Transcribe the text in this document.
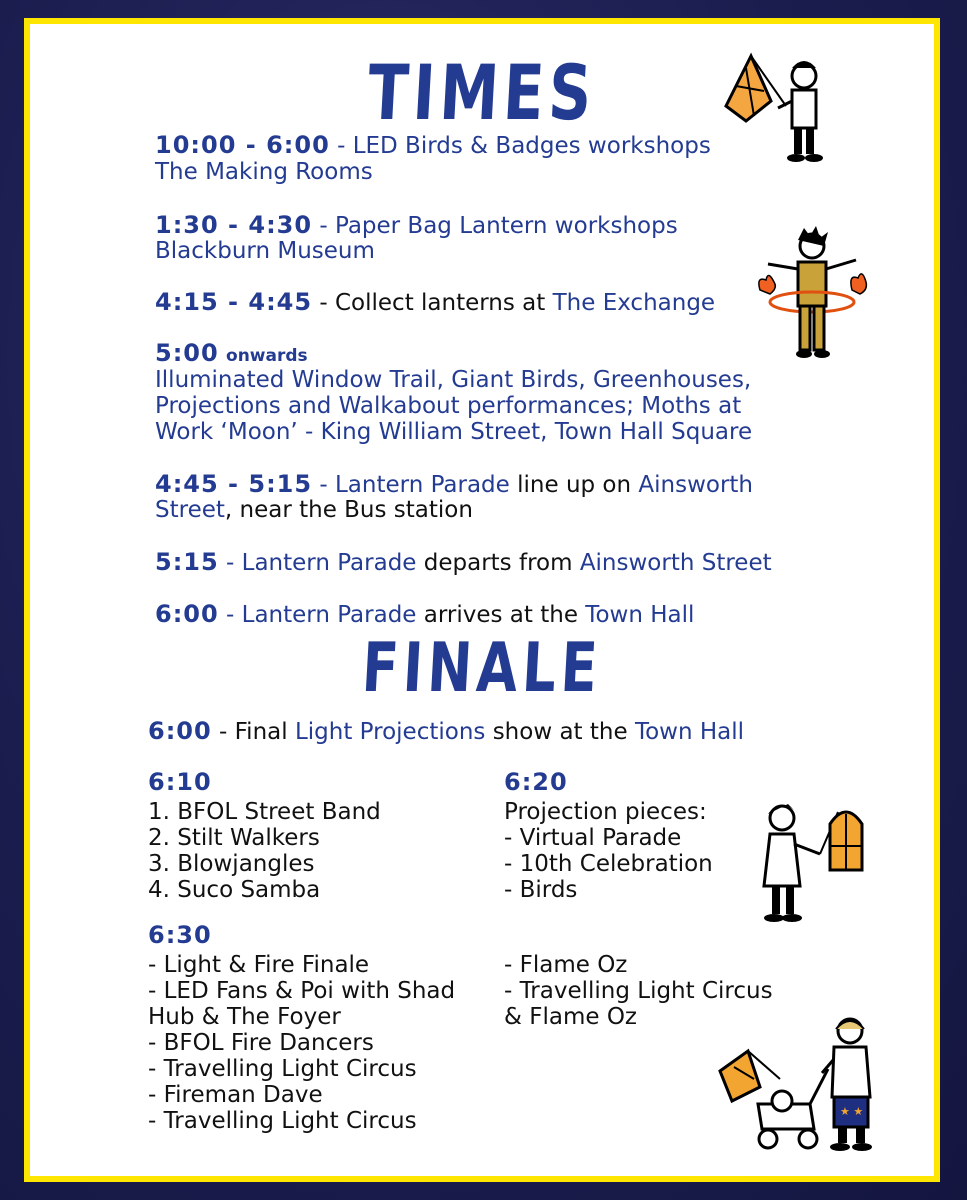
TIMES
10:00 - 6:00 - LED Birds & Badges workshops
The Making Rooms
1:30 - 4:30 - Paper Bag Lantern workshops
Blackburn Museum
4:15 - 4:45 - Collect lanterns at The Exchange
5:00 onwards
Illuminated Window Trail, Giant Birds, Greenhouses,
Projections and Walkabout performances; Moths at
Work ‘Moon’ - King William Street, Town Hall Square
4:45 - 5:15 - Lantern Parade line up on Ainsworth
Street, near the Bus station
5:15 - Lantern Parade departs from Ainsworth Street
6:00 - Lantern Parade arrives at the Town Hall
FINALE
6:00 - Final Light Projections show at the Town Hall
6:10
1. BFOL Street Band
2. Stilt Walkers
3. Blowjangles
4. Suco Samba
6:20
Projection pieces:
- Virtual Parade
- 10th Celebration
- Birds
6:30
- Light & Fire Finale
- LED Fans & Poi with Shad
Hub & The Foyer
- BFOL Fire Dancers
- Travelling Light Circus
- Fireman Dave
- Travelling Light Circus
- Flame Oz
- Travelling Light Circus
& Flame Oz
★ ★
